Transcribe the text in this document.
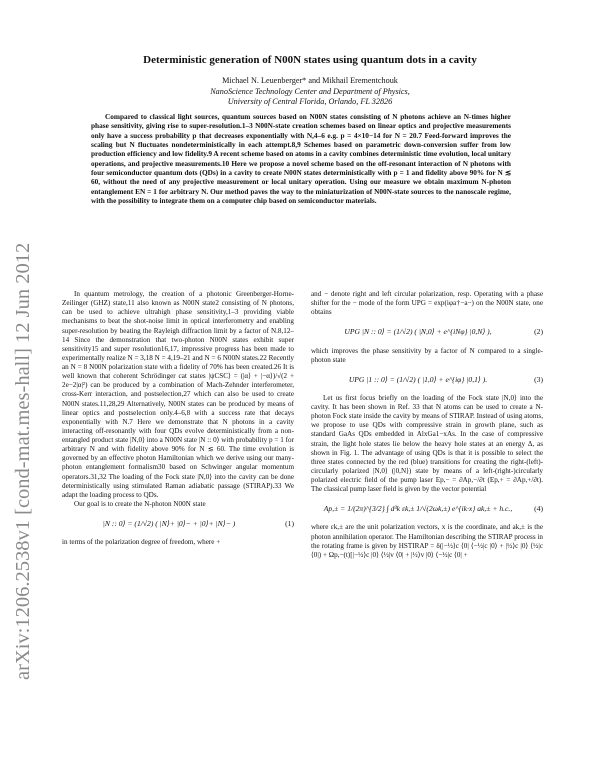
arXiv:1206.2538v1 [cond-mat.mes-hall] 12 Jun 2012
Deterministic generation of N00N states using quantum dots in a cavity
Michael N. Leuenberger* and Mikhail Erementchouk
NanoScience Technology Center and Department of Physics,
University of Central Florida, Orlando, FL 32826
Compared to classical light sources, quantum sources based on N00N states consisting of N photons achieve an N-times higher phase sensitivity, giving rise to super-resolution.1–3 N00N-state creation schemes based on linear optics and projective measurements only have a success probability p that decreases exponentially with N,4–6 e.g. p = 4×10−14 for N = 20.7 Feed-forward improves the scaling but N fluctuates nondeterministically in each attempt.8,9 Schemes based on parametric down-conversion suffer from low production efficiency and low fidelity.9 A recent scheme based on atoms in a cavity combines deterministic time evolution, local unitary operations, and projective measurements.10 Here we propose a novel scheme based on the off-resonant interaction of N photons with four semiconductor quantum dots (QDs) in a cavity to create N00N states deterministically with p = 1 and fidelity above 90% for N ≲ 60, without the need of any projective measurement or local unitary operation. Using our measure we obtain maximum N-photon entanglement EN = 1 for arbitrary N. Our method paves the way to the miniaturization of N00N-state sources to the nanoscale regime, with the possibility to integrate them on a computer chip based on semiconductor materials.

In quantum metrology, the creation of a photonic Greenberger-Horne-Zeilinger (GHZ) state,11 also known as N00N state2 consisting of N photons, can be used to achieve ultrahigh phase sensitivity,1–3 providing viable mechanisms to beat the shot-noise limit in optical interferometry and enabling super-resolution by beating the Rayleigh diffraction limit by a factor of N.8,12–14 Since the demonstration that two-photon N00N states exhibit super sensitivity15 and super resolution16,17, impressive progress has been made to experimentally realize N = 3,18 N = 4,19–21 and N = 6 N00N states.22 Recently an N = 8 N00N polarization state with a fidelity of 70% has been created.26 It is well known that coherent Schrödinger cat states |ψCSC⟩ = (|α⟩ + |−α⟩)/√(2 + 2e−2|α|²) can be produced by a combination of Mach-Zehnder interferometer, cross-Kerr interaction, and postselection,27 which can also be used to create N00N states.11,28,29 Alternatively, N00N states can be produced by means of linear optics and postselection only.4–6,8 with a success rate that decays exponentially with N.7 Here we demonstrate that N photons in a cavity interacting off-resonantly with four QDs evolve deterministically from a non-entangled product state |N,0⟩ into a N00N state |N :: 0⟩ with probability p = 1 for arbitrary N and with fidelity above 90% for N ≲ 60. The time evolution is governed by an effective photon Hamiltonian which we derive using our many-photon entanglement formalism30 based on Schwinger angular momentum operators.31,32 The loading of the Fock state |N,0⟩ into the cavity can be done deterministically using stimulated Raman adiabatic passage (STIRAP).33 We adapt the loading process to QDs.

Our goal is to create the N-photon N00N state

|N :: 0⟩ = (1/√2) ( |N⟩+ |0⟩− + |0⟩+ |N⟩− )	(1)

in terms of the polarization degree of freedom, where +

and − denote right and left circular polarization, resp. Operating with a phase shifter for the − mode of the form UPG = exp(iφa†−a−) on the N00N state, one obtains

UPG |N :: 0⟩ = (1/√2) ( |N,0⟩ + e^{iNφ} |0,N⟩ ),	(2)

which improves the phase sensitivity by a factor of N compared to a single-photon state

UPG |1 :: 0⟩ = (1/√2) ( |1,0⟩ + e^{iφ} |0,1⟩ ).	(3)

Let us first focus briefly on the loading of the Fock state |N,0⟩ into the cavity. It has been shown in Ref. 33 that N atoms can be used to create a N-photon Fock state inside the cavity by means of STIRAP. Instead of using atoms, we propose to use QDs with compressive strain in growth plane, such as standard GaAs QDs embedded in AlxGa1−xAs. In the case of compressive strain, the light hole states lie below the heavy hole states at an energy Δ, as shown in Fig. 1. The advantage of using QDs is that it is possible to select the three states connected by the red (blue) transitions for creating the right-(left)-circularly polarized |N,0⟩ (|0,N⟩) state by means of a left-(right-)circularly polarized electric field of the pump laser Ep,− = ∂Ap,−/∂t (Ep,+ = ∂Ap,+/∂t). The classical pump laser field is given by the vector potential

Ap,± = 1/(2π)^{3/2} ∫ d³k εk,± 1/√(2ωk,±) e^{ik·x} ak,± + h.c.,	(4)

where εk,± are the unit polarization vectors, x is the coordinate, and ak,± is the photon annihilation operator. The Hamiltonian describing the STIRAP process in the rotating frame is given by HSTIRAP = δ(|−½⟩c ⟨0| ⟨−½|c |0⟩ + |½⟩c |0⟩ ⟨½|c ⟨0|) + Ωp,−(t)[|−½⟩c |0⟩ ⟨½|v ⟨0| + |½⟩v |0⟩ ⟨−½|c ⟨0| +
